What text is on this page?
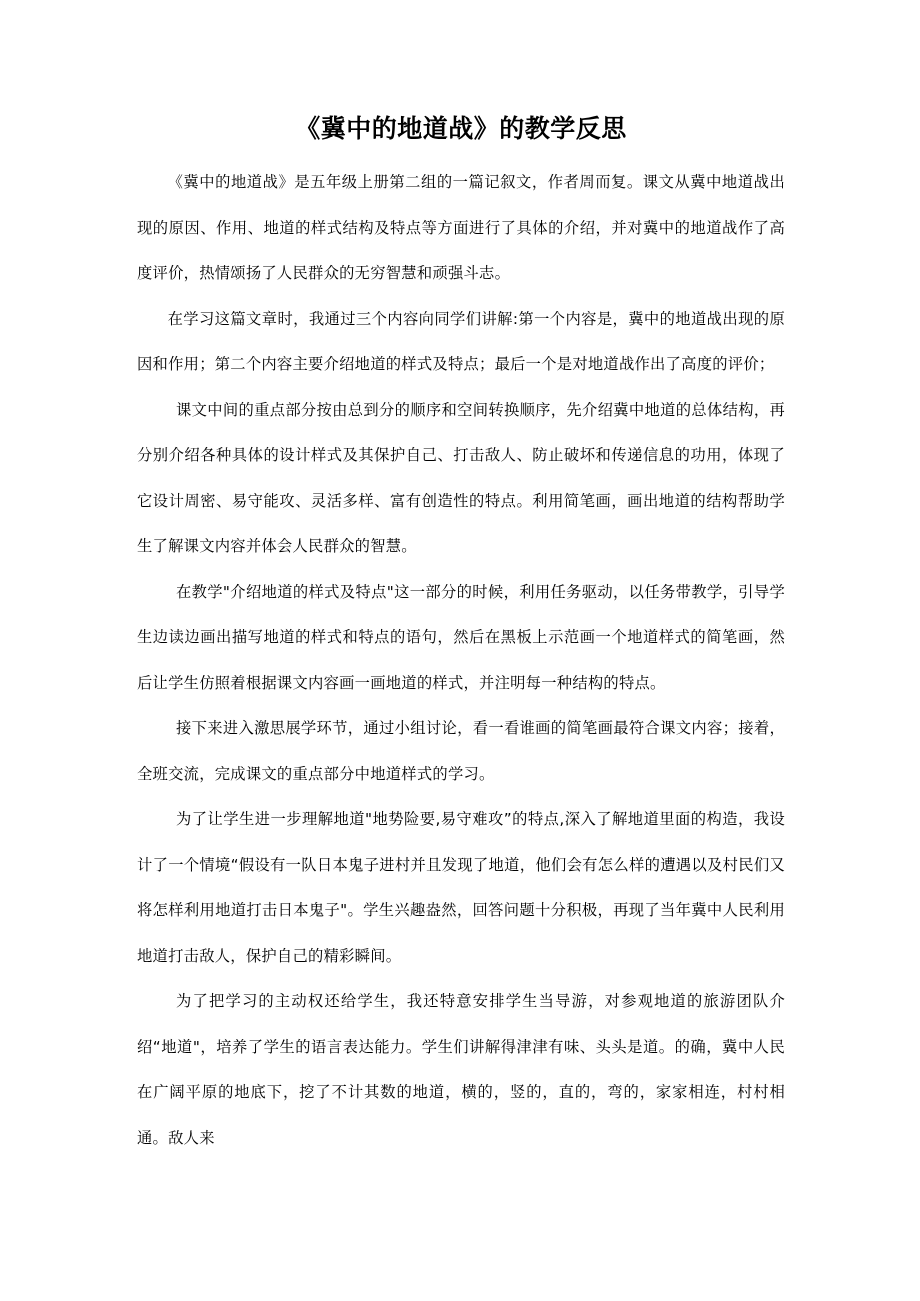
《冀中的地道战》的教学反思

《冀中的地道战》是五年级上册第二组的一篇记叙文，作者周而复。课文从冀中地道战出现的原因、作用、地道的样式结构及特点等方面进行了具体的介绍，并对冀中的地道战作了高度评价，热情颂扬了人民群众的无穷智慧和顽强斗志。

在学习这篇文章时，我通过三个内容向同学们讲解:第一个内容是，冀中的地道战出现的原因和作用；第二个内容主要介绍地道的样式及特点；最后一个是对地道战作出了高度的评价；

课文中间的重点部分按由总到分的顺序和空间转换顺序，先介绍冀中地道的总体结构，再分别介绍各种具体的设计样式及其保护自己、打击敌人、防止破坏和传递信息的功用，体现了它设计周密、易守能攻、灵活多样、富有创造性的特点。利用简笔画，画出地道的结构帮助学生了解课文内容并体会人民群众的智慧。

在教学"介绍地道的样式及特点"这一部分的时候，利用任务驱动，以任务带教学，引导学生边读边画出描写地道的样式和特点的语句，然后在黑板上示范画一个地道样式的简笔画，然后让学生仿照着根据课文内容画一画地道的样式，并注明每一种结构的特点。

接下来进入激思展学环节，通过小组讨论，看一看谁画的简笔画最符合课文内容；接着，全班交流，完成课文的重点部分中地道样式的学习。

为了让学生进一步理解地道"地势险要,易守难攻”的特点,深入了解地道里面的构造，我设计了一个情境“假设有一队日本鬼子进村并且发现了地道，他们会有怎么样的遭遇以及村民们又将怎样利用地道打击日本鬼子"。学生兴趣盎然，回答问题十分积极，再现了当年冀中人民利用地道打击敌人，保护自己的精彩瞬间。

为了把学习的主动权还给学生，我还特意安排学生当导游，对参观地道的旅游团队介绍“地道"，培养了学生的语言表达能力。学生们讲解得津津有味、头头是道。的确，冀中人民在广阔平原的地底下，挖了不计其数的地道，横的，竖的，直的，弯的，家家相连，村村相通。敌人来
